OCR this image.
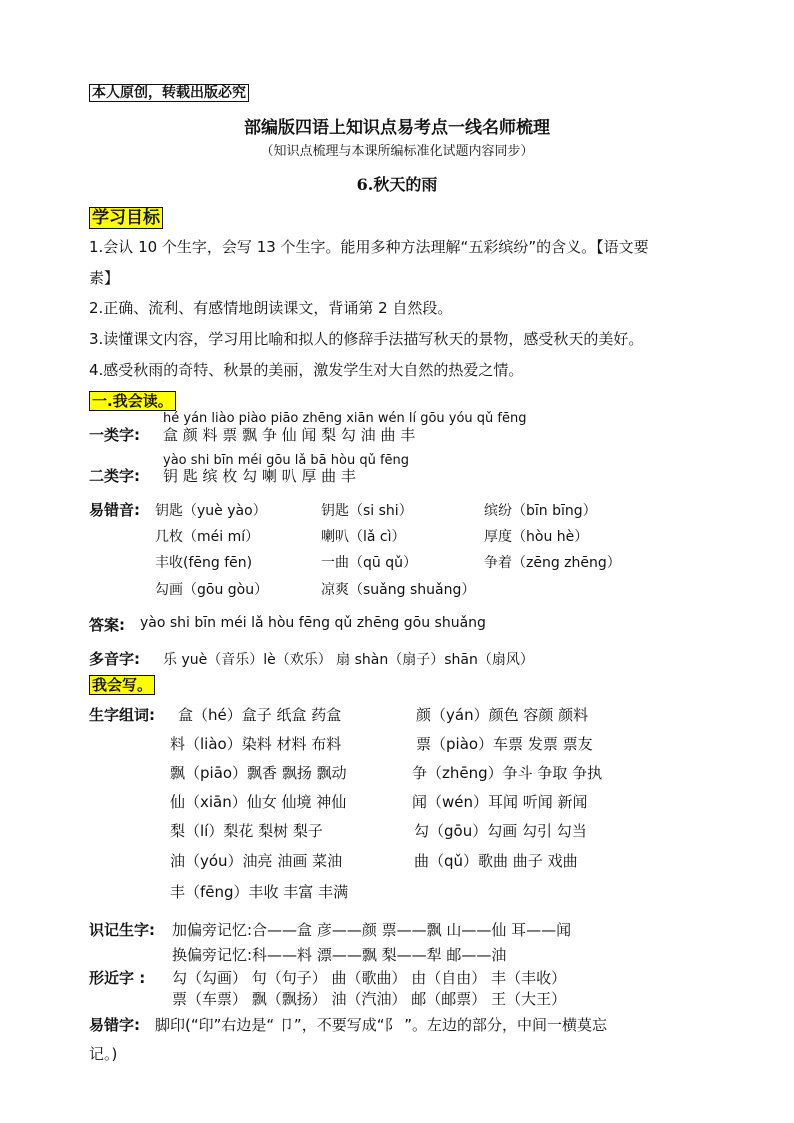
本人原创，转载出版必究
部编版四语上知识点易考点一线名师梳理
（知识点梳理与本课所编标准化试题内容同步）
6.秋天的雨
学习目标
1.会认 10 个生字，会写 13 个生字。能用多种方法理解“五彩缤纷”的含义。【语文要
素】
2.正确、流利、有感情地朗读课文，背诵第 2 自然段。
3.读懂课文内容，学习用比喻和拟人的修辞手法描写秋天的景物，感受秋天的美好。
4.感受秋雨的奇特、秋景的美丽，激发学生对大自然的热爱之情。
一.我会读。
hé yán liào piào piāo zhēng xiān wén lí gōu yóu qǔ fēng
一类字: 盒 颜 料 票 飘 争 仙 闻 梨 勾 油 曲 丰
yào shi bīn méi gōu lǎ bā hòu qǔ fēng
二类字: 钥 匙 缤 枚 勾 喇 叭 厚 曲 丰
易错音: 钥匙（yuè yào）	钥匙（si shi）	缤纷（bīn bīng）
几枚（méi mí）	喇叭（lǎ cì）	厚度（hòu hè）
丰收(fēng fēn)	一曲（qū qǔ）	争着（zēng zhēng）
勾画（gōu gòu）	凉爽（suǎng shuǎng）
答案: yào shi bīn méi lǎ hòu fēng qǔ zhēng gōu shuǎng
多音字: 乐 yuè（音乐）lè（欢乐） 扇 shàn（扇子）shān（扇风）
我会写。
生字组词: 盒（hé）盒子 纸盒 药盒	颜（yán）颜色 容颜 颜料
料（liào）染料 材料 布料	票（piào）车票 发票 票友
飘（piāo）飘香 飘扬 飘动	争（zhēng）争斗 争取 争执
仙（xiān）仙女 仙境 神仙	闻（wén）耳闻 听闻 新闻
梨（lí）梨花 梨树 梨子	勾（gōu）勾画 勾引 勾当
油（yóu）油亮 油画 菜油	曲（qǔ）歌曲 曲子 戏曲
丰（fēng）丰收 丰富 丰满
识记生字: 加偏旁记忆:合——盒 彦——颜 票——飘 山——仙 耳——闻
换偏旁记忆:科——料 漂——飘 梨——犁 邮——油
形近字 : 勾（勾画） 句（句子） 曲（歌曲） 由（自由） 丰（丰收）
票（车票） 飘（飘扬） 油（汽油） 邮（邮票） 王（大王）
易错字: 脚印(“印”右边是“ 卩”，不要写成“阝 ”。左边的部分，中间一横莫忘
记。)
